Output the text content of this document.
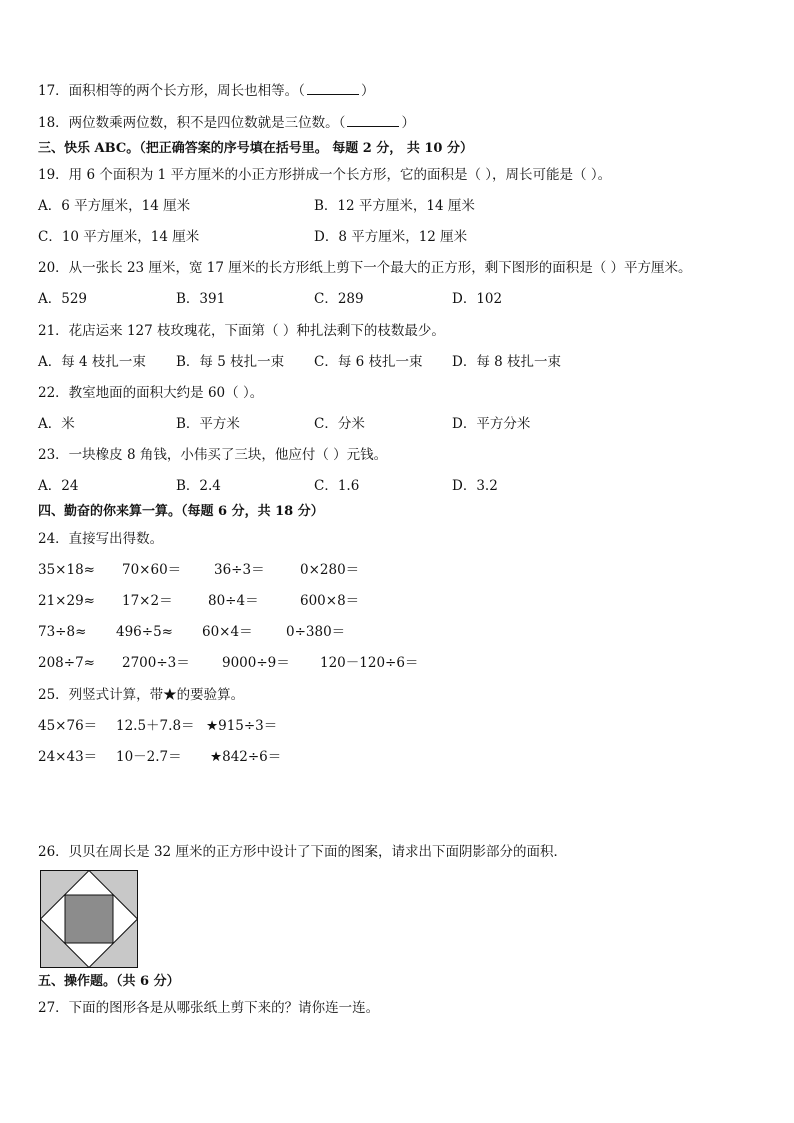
17．面积相等的两个长方形，周长也相等。（	）
18．两位数乘两位数，积不是四位数就是三位数。（	）
三、快乐 ABC。（把正确答案的序号填在括号里。 每题 2 分， 共 10 分）
19．用 6 个面积为 1 平方厘米的小正方形拼成一个长方形，它的面积是（ ），周长可能是（ ）。
A．6 平方厘米，14 厘米	B．12 平方厘米，14 厘米
C．10 平方厘米，14 厘米	D．8 平方厘米，12 厘米
20．从一张长 23 厘米，宽 17 厘米的长方形纸上剪下一个最大的正方形，剩下图形的面积是（ ）平方厘米。
A．529	B．391	C．289	D．102
21．花店运来 127 枝玫瑰花，下面第（ ）种扎法剩下的枝数最少。
A．每 4 枝扎一束 B．每 5 枝扎一束 C．每 6 枝扎一束 D．每 8 枝扎一束
22．教室地面的面积大约是 60（ ）。
A．米	B．平方米	C．分米	D．平方分米
23．一块橡皮 8 角钱，小伟买了三块，他应付（ ）元钱。
A．24	B．2.4	C．1.6	D．3.2
四、勤奋的你来算一算。（每题 6 分，共 18 分）
24．直接写出得数。
35×18≈ 70×60＝ 36÷3＝	0×280＝
21×29≈ 17×2＝	80÷4＝	600×8＝
73÷8≈ 496÷5≈ 60×4＝ 0÷380＝
208÷7≈ 2700÷3＝ 9000÷9＝ 120－120÷6＝
25．列竖式计算，带★的要验算。
45×76＝ 12.5＋7.8＝ ★915÷3＝
24×43＝ 10－2.7＝ ★842÷6＝
26．贝贝在周长是 32 厘米的正方形中设计了下面的图案，请求出下面阴影部分的面积．
五、操作题。（共 6 分）
27．下面的图形各是从哪张纸上剪下来的？请你连一连。
